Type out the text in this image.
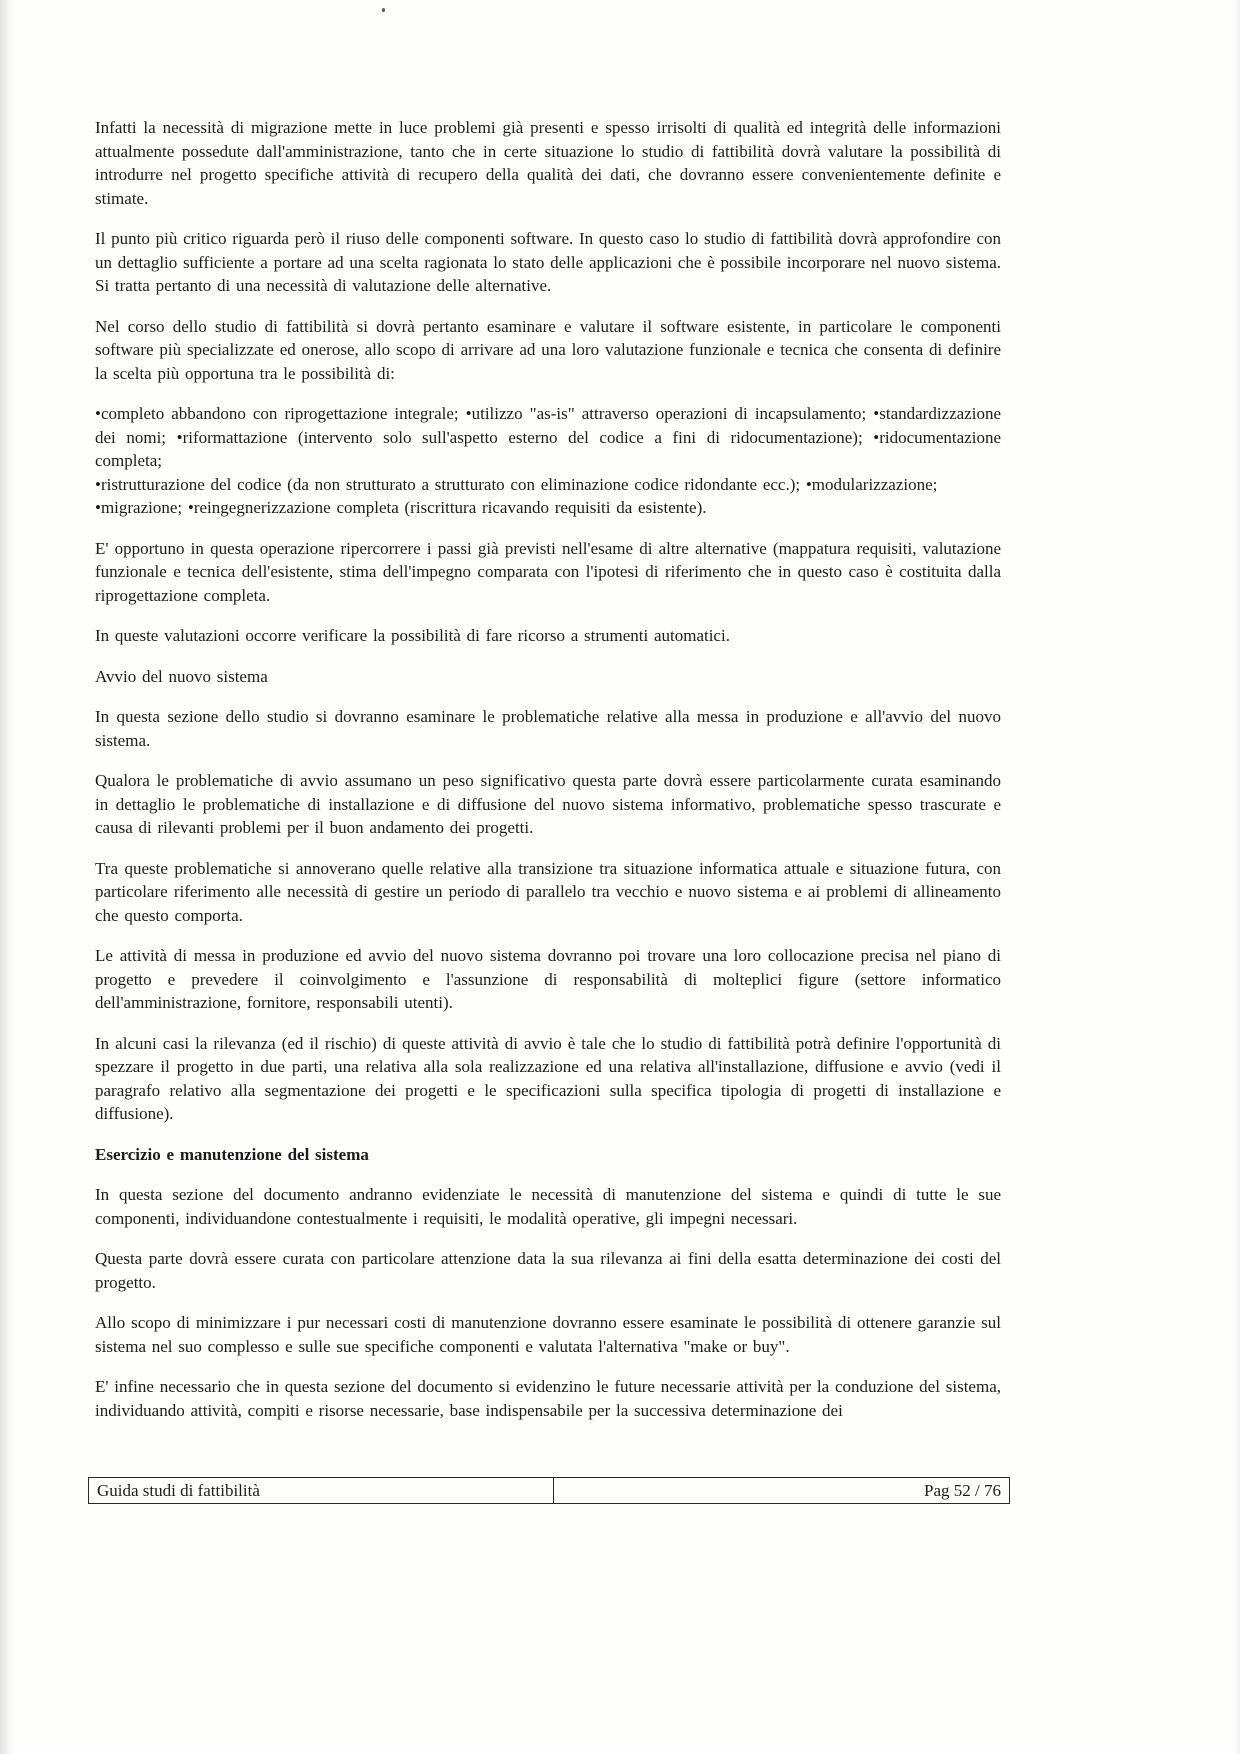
Infatti la necessità di migrazione mette in luce problemi già presenti e spesso irrisolti di qualità ed integrità delle informazioni attualmente possedute dall'amministrazione, tanto che in certe situazione lo studio di fattibilità dovrà valutare la possibilità di introdurre nel progetto specifiche attività di recupero della qualità dei dati, che dovranno essere convenientemente definite e stimate.

Il punto più critico riguarda però il riuso delle componenti software. In questo caso lo studio di fattibilità dovrà approfondire con un dettaglio sufficiente a portare ad una scelta ragionata lo stato delle applicazioni che è possibile incorporare nel nuovo sistema. Si tratta pertanto di una necessità di valutazione delle alternative.

Nel corso dello studio di fattibilità si dovrà pertanto esaminare e valutare il software esistente, in particolare le componenti software più specializzate ed onerose, allo scopo di arrivare ad una loro valutazione funzionale e tecnica che consenta di definire la scelta più opportuna tra le possibilità di:

•completo abbandono con riprogettazione integrale; •utilizzo "as-is" attraverso operazioni di incapsulamento; •standardizzazione dei nomi; •riformattazione (intervento solo sull'aspetto esterno del codice a fini di ridocumentazione); •ridocumentazione completa;

•ristrutturazione del codice (da non strutturato a strutturato con eliminazione codice ridondante ecc.); •modularizzazione;

•migrazione; •reingegnerizzazione completa (riscrittura ricavando requisiti da esistente).

E' opportuno in questa operazione ripercorrere i passi già previsti nell'esame di altre alternative (mappatura requisiti, valutazione funzionale e tecnica dell'esistente, stima dell'impegno comparata con l'ipotesi di riferimento che in questo caso è costituita dalla riprogettazione completa.

In queste valutazioni occorre verificare la possibilità di fare ricorso a strumenti automatici.

Avvio del nuovo sistema

In questa sezione dello studio si dovranno esaminare le problematiche relative alla messa in produzione e all'avvio del nuovo sistema.

Qualora le problematiche di avvio assumano un peso significativo questa parte dovrà essere particolarmente curata esaminando in dettaglio le problematiche di installazione e di diffusione del nuovo sistema informativo, problematiche spesso trascurate e causa di rilevanti problemi per il buon andamento dei progetti.

Tra queste problematiche si annoverano quelle relative alla transizione tra situazione informatica attuale e situazione futura, con particolare riferimento alle necessità di gestire un periodo di parallelo tra vecchio e nuovo sistema e ai problemi di allineamento che questo comporta.

Le attività di messa in produzione ed avvio del nuovo sistema dovranno poi trovare una loro collocazione precisa nel piano di progetto e prevedere il coinvolgimento e l'assunzione di responsabilità di molteplici figure (settore informatico dell'amministrazione, fornitore, responsabili utenti).

In alcuni casi la rilevanza (ed il rischio) di queste attività di avvio è tale che lo studio di fattibilità potrà definire l'opportunità di spezzare il progetto in due parti, una relativa alla sola realizzazione ed una relativa all'installazione, diffusione e avvio (vedi il paragrafo relativo alla segmentazione dei progetti e le specificazioni sulla specifica tipologia di progetti di installazione e diffusione).

Esercizio e manutenzione del sistema

In questa sezione del documento andranno evidenziate le necessità di manutenzione del sistema e quindi di tutte le sue componenti, individuandone contestualmente i requisiti, le modalità operative, gli impegni necessari.

Questa parte dovrà essere curata con particolare attenzione data la sua rilevanza ai fini della esatta determinazione dei costi del progetto.

Allo scopo di minimizzare i pur necessari costi di manutenzione dovranno essere esaminate le possibilità di ottenere garanzie sul sistema nel suo complesso e sulle sue specifiche componenti e valutata l'alternativa "make or buy".

E' infine necessario che in questa sezione del documento si evidenzino le future necessarie attività per la conduzione del sistema, individuando attività, compiti e risorse necessarie, base indispensabile per la successiva determinazione dei

Guida studi di fattibilità	Pag 52 / 76
